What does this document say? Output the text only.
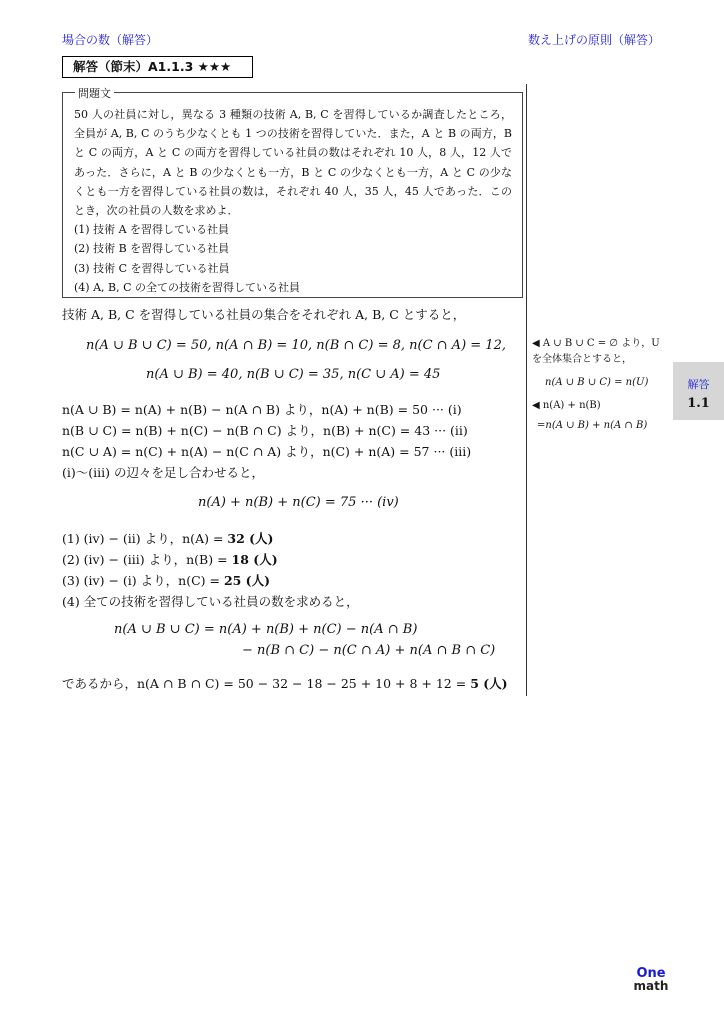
場合の数（解答）	数え上げの原則（解答）
解答（節末）A1.1.3 ★★★
問題文

50 人の社員に対し，異なる 3 種類の技術 A, B, C を習得しているか調査したところ，全員が A, B, C のうち少なくとも 1 つの技術を習得していた．また，A と B の両方，B と C の両方，A と C の両方を習得している社員の数はそれぞれ 10 人，8 人，12 人であった．さらに，A と B の少なくとも一方，B と C の少なくとも一方，A と C の少なくとも一方を習得している社員の数は，それぞれ 40 人，35 人，45 人であった．このとき，次の社員の人数を求めよ．

(1) 技術 A を習得している社員
(2) 技術 B を習得している社員
(3) 技術 C を習得している社員
(4) A, B, C の全ての技術を習得している社員
解答
1.1
◀ A ∪ B ∪ C = ∅ より，U
を全体集合とすると，
n(A ∪ B ∪ C) = n(U)
◀ n(A) + n(B)
=n(A ∪ B) + n(A ∩ B)
技術 A, B, C を習得している社員の集合をそれぞれ A, B, C とすると，
n(A ∪ B ∪ C) = 50, n(A ∩ B) = 10, n(B ∩ C) = 8, n(C ∩ A) = 12,
n(A ∪ B) = 40, n(B ∪ C) = 35, n(C ∪ A) = 45
n(A ∪ B) = n(A) + n(B) − n(A ∩ B) より，n(A) + n(B) = 50 ··· (i)
n(B ∪ C) = n(B) + n(C) − n(B ∩ C) より，n(B) + n(C) = 43 ··· (ii)
n(C ∪ A) = n(C) + n(A) − n(C ∩ A) より，n(C) + n(A) = 57 ··· (iii)
(i)〜(iii) の辺々を足し合わせると，
n(A) + n(B) + n(C) = 75 ··· (iv)
(1) (iv) − (ii) より，n(A) = 32 (人)
(2) (iv) − (iii) より，n(B) = 18 (人)
(3) (iv) − (i) より，n(C) = 25 (人)
(4) 全ての技術を習得している社員の数を求めると，
n(A ∪ B ∪ C) = n(A) + n(B) + n(C) − n(A ∩ B)
− n(B ∩ C) − n(C ∩ A) + n(A ∩ B ∩ C)
であるから，n(A ∩ B ∩ C) = 50 − 32 − 18 − 25 + 10 + 8 + 12 = 5 (人)
One
math
